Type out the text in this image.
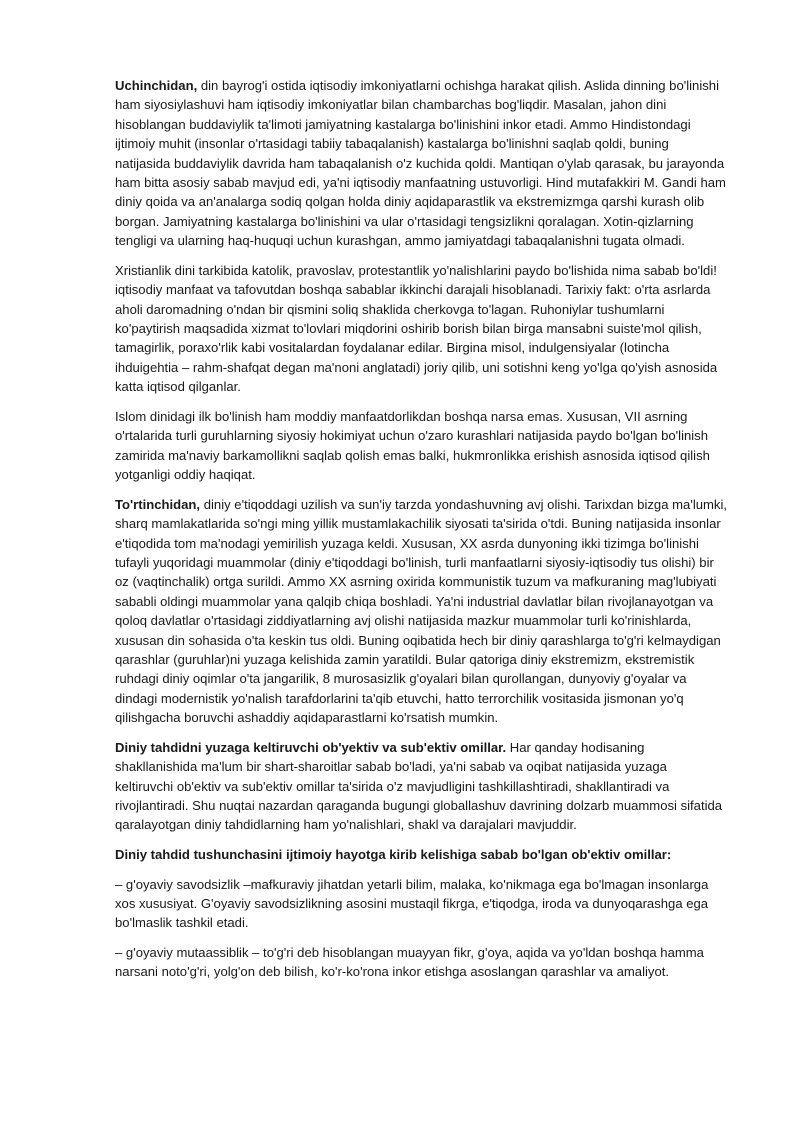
Uchinchidan, din bayrog'i ostida iqtisodiy imkoniyatlarni ochishga harakat qilish. Aslida dinning bo'linishi ham siyosiylashuvi ham iqtisodiy imkoniyatlar bilan chambarchas bog'liqdir. Masalan, jahon dini hisoblangan buddaviylik ta'limoti jamiyatning kastalarga bo'linishini inkor etadi. Ammo Hindistondagi ijtimoiy muhit (insonlar o'rtasidagi tabiiy tabaqalanish) kastalarga bo'linishni saqlab qoldi, buning natijasida buddaviylik davrida ham tabaqalanish o'z kuchida qoldi. Mantiqan o'ylab qarasak, bu jarayonda ham bitta asosiy sabab mavjud edi, ya'ni iqtisodiy manfaatning ustuvorligi. Hind mutafakkiri M. Gandi ham diniy qoida va an'analarga sodiq qolgan holda diniy aqidaparastlik va ekstremizmga qarshi kurash olib borgan. Jamiyatning kastalarga bo'linishini va ular o'rtasidagi tengsizlikni qoralagan. Xotin-qizlarning tengligi va ularning haq-huquqi uchun kurashgan, ammo jamiyatdagi tabaqalanishni tugata olmadi.

Xristianlik dini tarkibida katolik, pravoslav, protestantlik yo'nalishlarini paydo bo'lishida nima sabab bo'ldi! iqtisodiy manfaat va tafovutdan boshqa sabablar ikkinchi darajali hisoblanadi. Tarixiy fakt: o'rta asrlarda aholi daromadning o'ndan bir qismini soliq shaklida cherkovga to'lagan. Ruhoniylar tushumlarni ko'paytirish maqsadida xizmat to'lovlari miqdorini oshirib borish bilan birga mansabni suiste'mol qilish, tamagirlik, poraxo'rlik kabi vositalardan foydalanar edilar. Birgina misol, indulgensiyalar (lotincha ihduigehtia – rahm-shafqat degan ma'noni anglatadi) joriy qilib, uni sotishni keng yo'lga qo'yish asnosida katta iqtisod qilganlar.

Islom dinidagi ilk bo'linish ham moddiy manfaatdorlikdan boshqa narsa emas. Xususan, VII asrning o'rtalarida turli guruhlarning siyosiy hokimiyat uchun o'zaro kurashlari natijasida paydo bo'lgan bo'linish zamirida ma'naviy barkamollikni saqlab qolish emas balki, hukmronlikka erishish asnosida iqtisod qilish yotganligi oddiy haqiqat.

To'rtinchidan, diniy e'tiqoddagi uzilish va sun'iy tarzda yondashuvning avj olishi. Tarixdan bizga ma'lumki, sharq mamlakatlarida so'ngi ming yillik mustamlakachilik siyosati ta'sirida o'tdi. Buning natijasida insonlar e'tiqodida tom ma'nodagi yemirilish yuzaga keldi. Xususan, XX asrda dunyoning ikki tizimga bo'linishi tufayli yuqoridagi muammolar (diniy e'tiqoddagi bo'linish, turli manfaatlarni siyosiy-iqtisodiy tus olishi) bir oz (vaqtinchalik) ortga surildi. Ammo XX asrning oxirida kommunistik tuzum va mafkuraning mag'lubiyati sababli oldingi muammolar yana qalqib chiqa boshladi. Ya'ni industrial davlatlar bilan rivojlanayotgan va qoloq davlatlar o'rtasidagi ziddiyatlarning avj olishi natijasida mazkur muammolar turli ko'rinishlarda, xususan din sohasida o'ta keskin tus oldi. Buning oqibatida hech bir diniy qarashlarga to'g'ri kelmaydigan qarashlar (guruhlar)ni yuzaga kelishida zamin yaratildi. Bular qatoriga diniy ekstremizm, ekstremistik ruhdagi diniy oqimlar o'ta jangarilik, 8 murosasizlik g'oyalari bilan qurollangan, dunyoviy g'oyalar va dindagi modernistik yo'nalish tarafdorlarini ta'qib etuvchi, hatto terrorchilik vositasida jismonan yo'q qilishgacha boruvchi ashaddiy aqidaparastlarni ko'rsatish mumkin.

Diniy tahdidni yuzaga keltiruvchi ob'yektiv va sub'ektiv omillar. Har qanday hodisaning shakllanishida ma'lum bir shart-sharoitlar sabab bo'ladi, ya'ni sabab va oqibat natijasida yuzaga keltiruvchi ob'ektiv va sub'ektiv omillar ta'sirida o'z mavjudligini tashkillashtiradi, shakllantiradi va rivojlantiradi. Shu nuqtai nazardan qaraganda bugungi globallashuv davrining dolzarb muammosi sifatida qaralayotgan diniy tahdidlarning ham yo'nalishlari, shakl va darajalari mavjuddir.

Diniy tahdid tushunchasini ijtimoiy hayotga kirib kelishiga sabab bo'lgan ob'ektiv omillar:

– g'oyaviy savodsizlik –mafkuraviy jihatdan yetarli bilim, malaka, ko'nikmaga ega bo'lmagan insonlarga xos xususiyat. G'oyaviy savodsizlikning asosini mustaqil fikrga, e'tiqodga, iroda va dunyoqarashga ega bo'lmaslik tashkil etadi.

– g'oyaviy mutaassiblik – to'g'ri deb hisoblangan muayyan fikr, g'oya, aqida va yo'ldan boshqa hamma narsani noto'g'ri, yolg'on deb bilish, ko'r-ko'rona inkor etishga asoslangan qarashlar va amaliyot.
